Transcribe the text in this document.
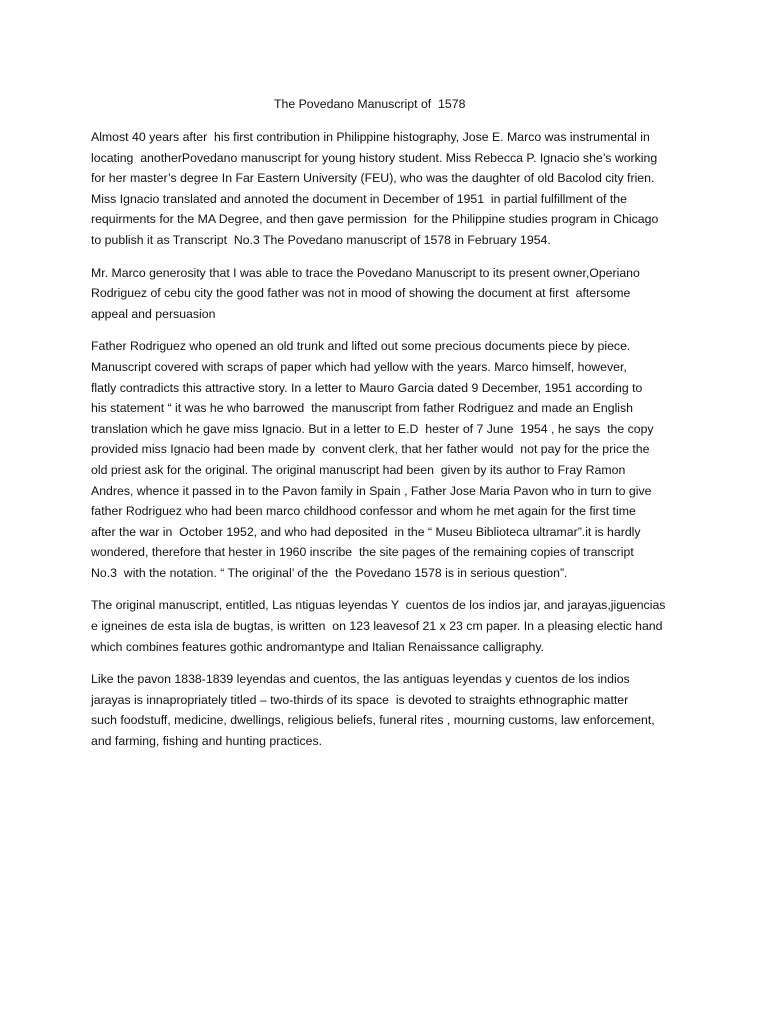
The Povedano Manuscript of  1578
Almost 40 years after  his first contribution in Philippine histography, Jose E. Marco was instrumental in
locating  anotherPovedano manuscript for young history student. Miss Rebecca P. Ignacio she’s working
for her master’s degree In Far Eastern University (FEU), who was the daughter of old Bacolod city frien.
Miss Ignacio translated and annoted the document in December of 1951  in partial fulfillment of the
requirments for the MA Degree, and then gave permission  for the Philippine studies program in Chicago
to publish it as Transcript  No.3 The Povedano manuscript of 1578 in February 1954.
Mr. Marco generosity that I was able to trace the Povedano Manuscript to its present owner,Operiano
Rodriguez of cebu city the good father was not in mood of showing the document at first  aftersome
appeal and persuasion
Father Rodriguez who opened an old trunk and lifted out some precious documents piece by piece.
Manuscript covered with scraps of paper which had yellow with the years. Marco himself, however,
flatly contradicts this attractive story. In a letter to Mauro Garcia dated 9 December, 1951 according to
his statement “ it was he who barrowed  the manuscript from father Rodriguez and made an English
translation which he gave miss Ignacio. But in a letter to E.D  hester of 7 June  1954 , he says  the copy
provided miss Ignacio had been made by  convent clerk, that her father would  not pay for the price the
old priest ask for the original. The original manuscript had been  given by its author to Fray Ramon
Andres, whence it passed in to the Pavon family in Spain , Father Jose Maria Pavon who in turn to give
father Rodriguez who had been marco childhood confessor and whom he met again for the first time
after the war in  October 1952, and who had deposited  in the “ Museu Biblioteca ultramar”.it is hardly
wondered, therefore that hester in 1960 inscribe  the site pages of the remaining copies of transcript
No.3  with the notation. “ The original’ of the  the Povedano 1578 is in serious question”.
The original manuscript, entitled, Las ntiguas leyendas Y  cuentos de los indios jar, and jarayas,jiguencias
e igneines de esta isla de bugtas, is written  on 123 leavesof 21 x 23 cm paper. In a pleasing electic hand
which combines features gothic andromantype and Italian Renaissance calligraphy.
Like the pavon 1838-1839 leyendas and cuentos, the las antiguas leyendas y cuentos de los indios
jarayas is innapropriately titled – two-thirds of its space  is devoted to straights ethnographic matter
such foodstuff, medicine, dwellings, religious beliefs, funeral rites , mourning customs, law enforcement,
and farming, fishing and hunting practices.
